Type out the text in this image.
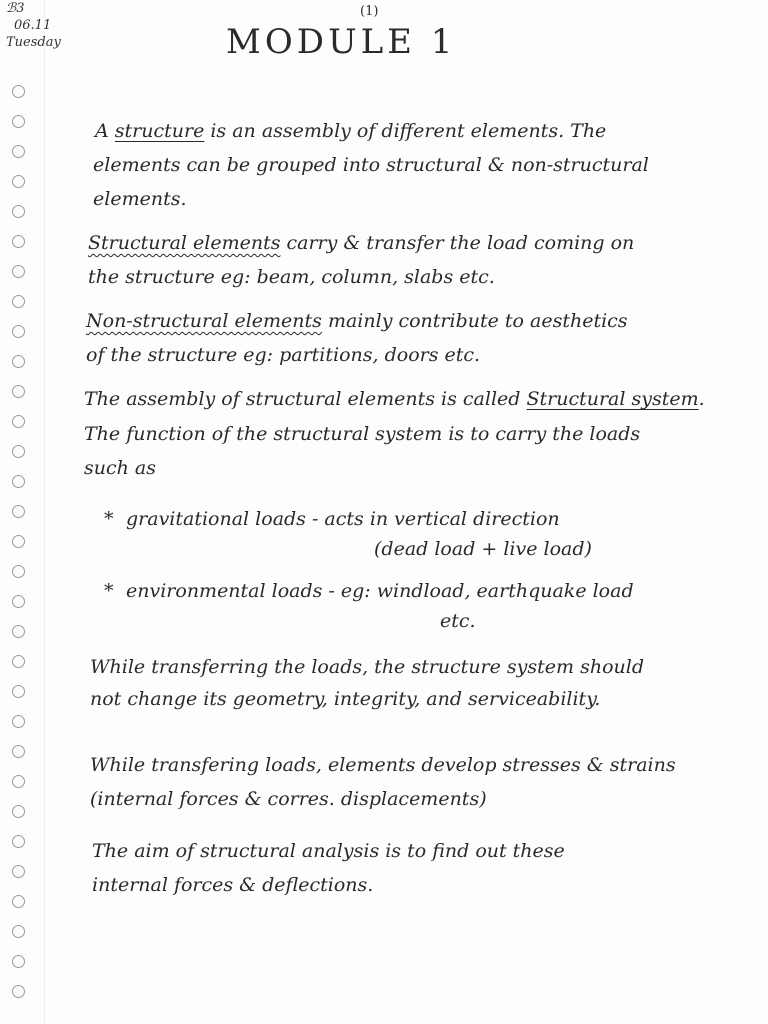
ℬ3
06.11
Tuesday
(1)
MODULE 1
A structure is an assembly of different elements. The
elements can be grouped into structural & non-structural
elements.
Structural elements carry & transfer the load coming on
the structure eg: beam, column, slabs etc.
Non-structural elements mainly contribute to aesthetics
of the structure eg: partitions, doors etc.
The assembly of structural elements is called Structural system.
The function of the structural system is to carry the loads
such as
* gravitational loads - acts in vertical direction
(dead load + live load)
* environmental loads - eg: windload, earthquake load
etc.
While transferring the loads, the structure system should
not change its geometry, integrity, and serviceability.
While transfering loads, elements develop stresses & strains
(internal forces & corres. displacements)
The aim of structural analysis is to find out these
internal forces & deflections.
